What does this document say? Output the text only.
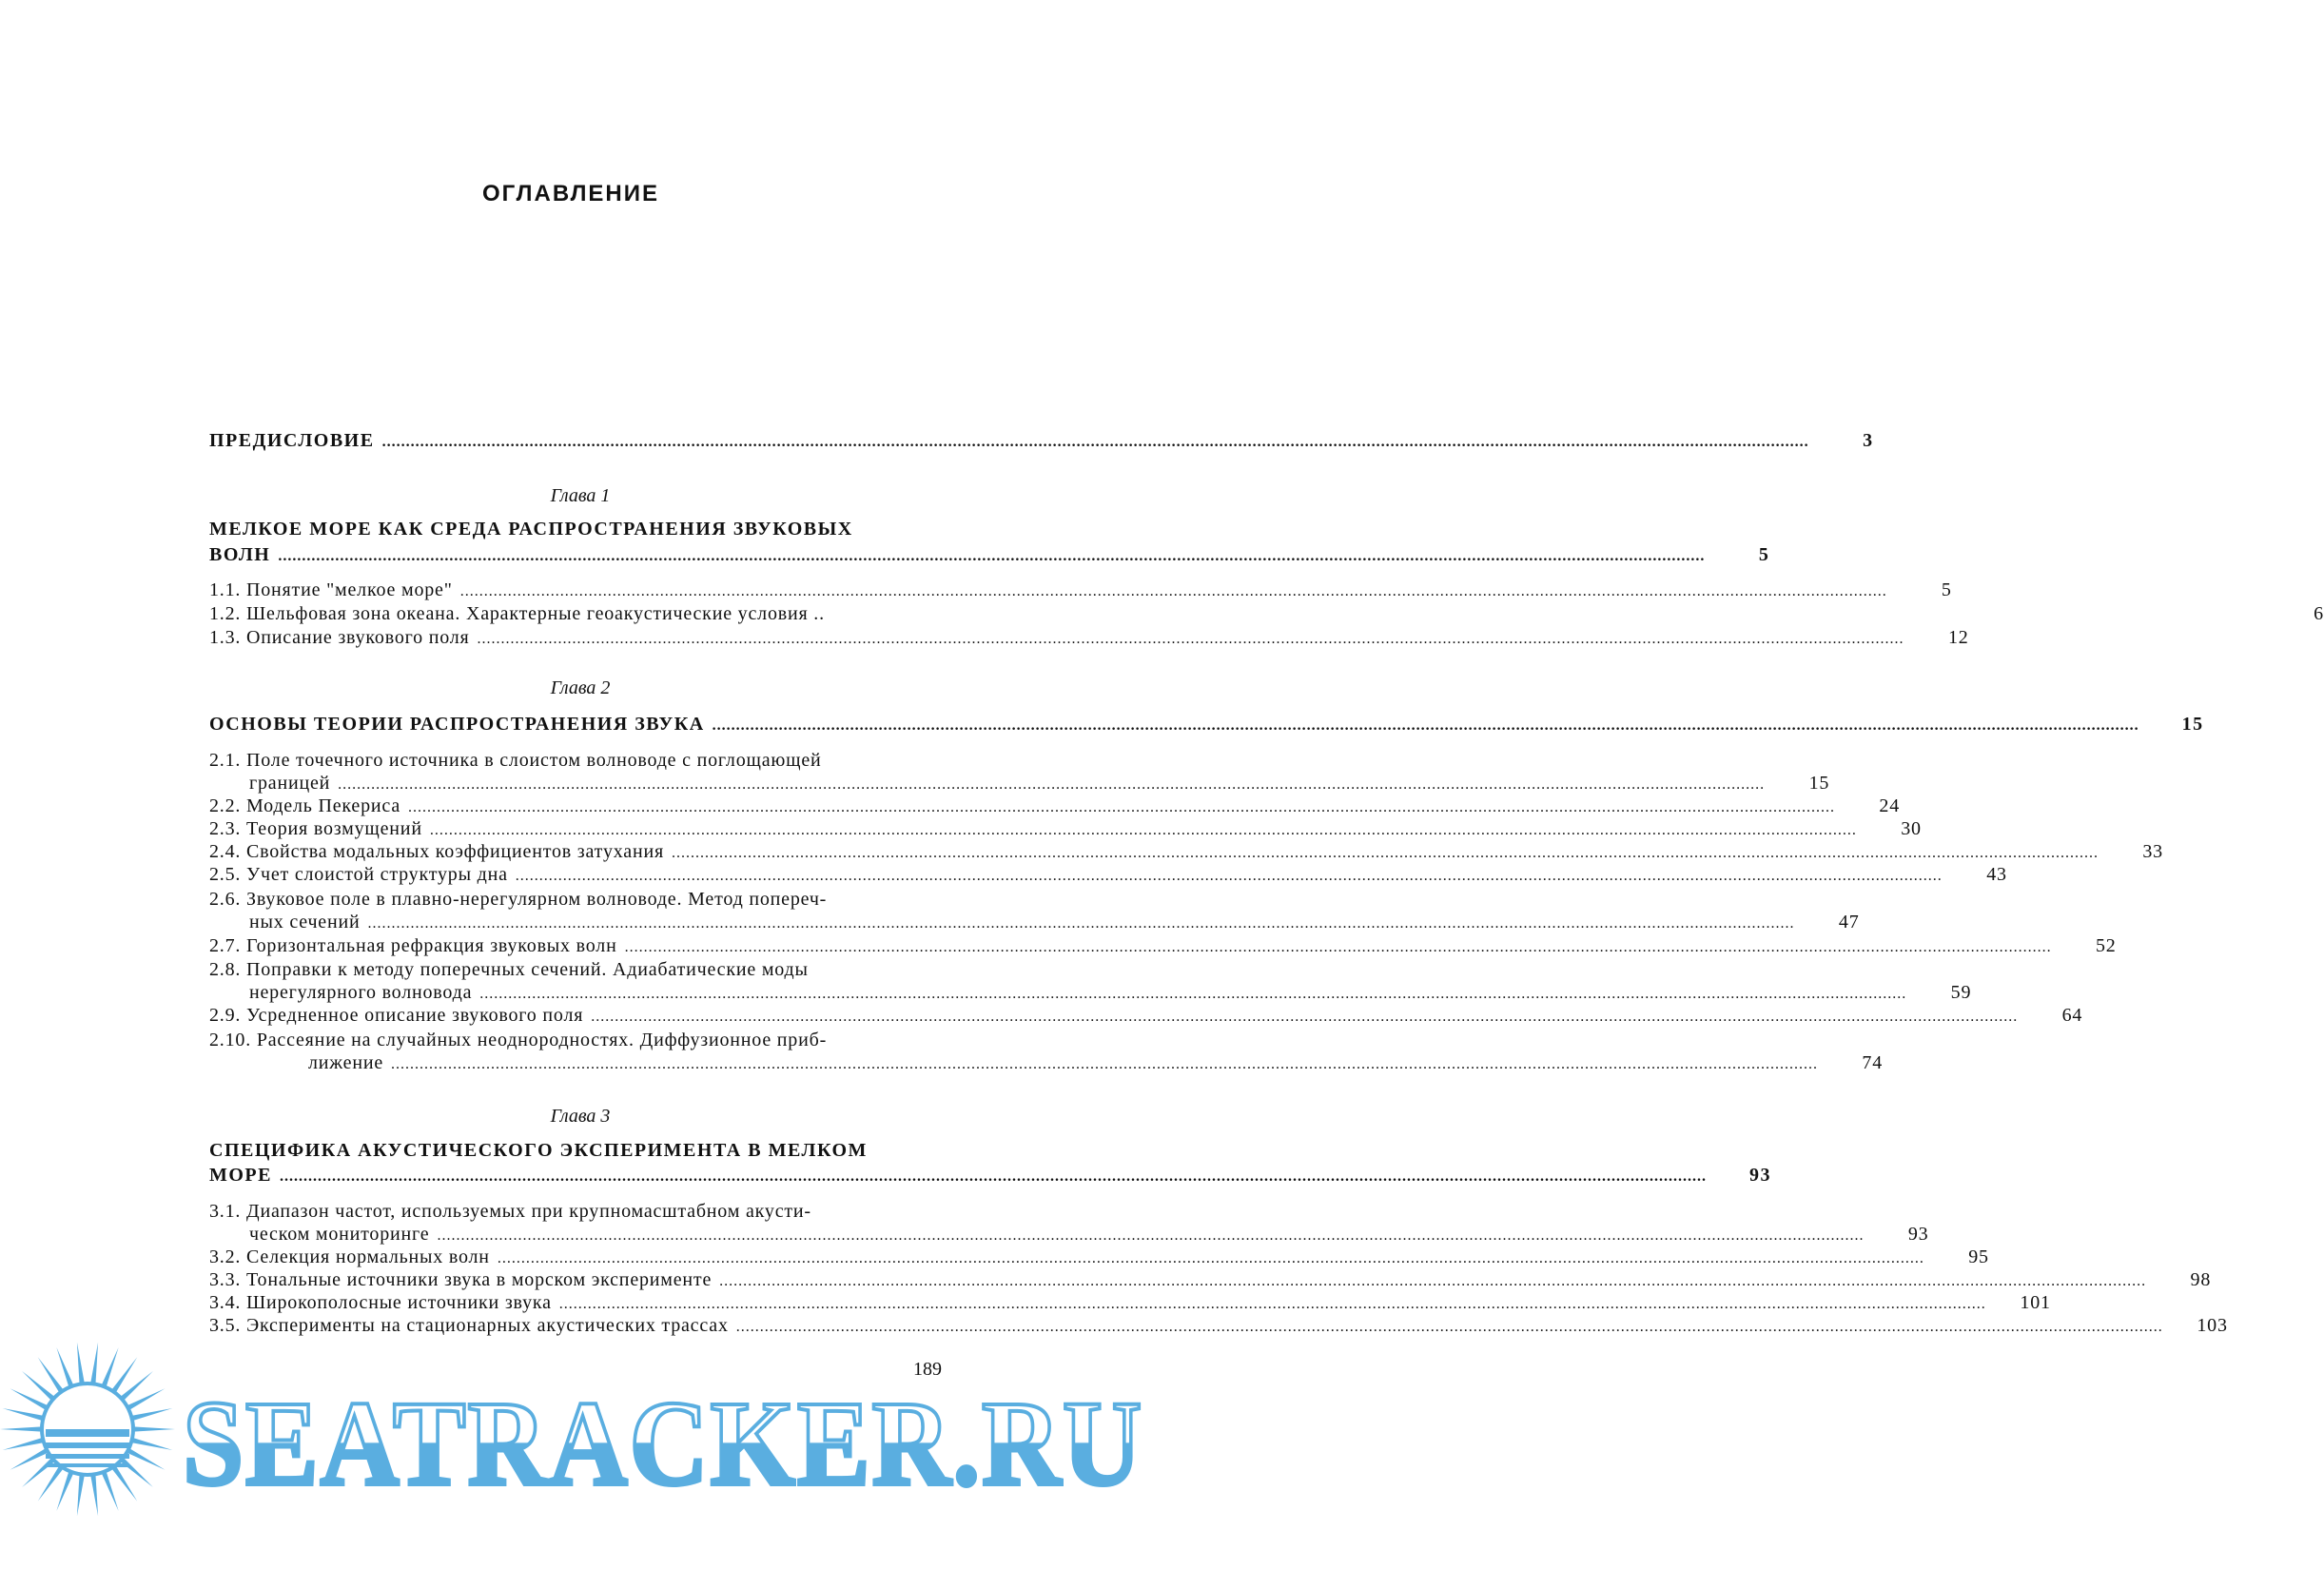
ОГЛАВЛЕНИЕ
ПРЕДИСЛОВИЕ ............................................................................................................................................................................................................................................................................................................	3
Глава 1
МЕЛКОЕ МОРЕ КАК СРЕДА РАСПРОСТРАНЕНИЯ ЗВУКОВЫХ
ВОЛН ............................................................................................................................................................................................................................................................................................................	5
1.1. Понятие "мелкое море" ............................................................................................................................................................................................................................................................................................................	5
1.2. Шельфовая зона океана. Характерные геоакустические условия ..	6
1.3. Описание звукового поля ............................................................................................................................................................................................................................................................................................................	12
Глава 2
ОСНОВЫ ТЕОРИИ РАСПРОСТРАНЕНИЯ ЗВУКА ............................................................................................................................................................................................................................................................................................................	15
2.1. Поле точечного источника в слоистом волноводе с поглощающей
границей ............................................................................................................................................................................................................................................................................................................	15
2.2. Модель Пекериса ............................................................................................................................................................................................................................................................................................................	24
2.3. Теория возмущений ............................................................................................................................................................................................................................................................................................................	30
2.4. Свойства модальных коэффициентов затухания ............................................................................................................................................................................................................................................................................................................	33
2.5. Учет слоистой структуры дна ............................................................................................................................................................................................................................................................................................................	43
2.6. Звуковое поле в плавно-нерегулярном волноводе. Метод попереч-
ных сечений ............................................................................................................................................................................................................................................................................................................	47
2.7. Горизонтальная рефракция звуковых волн ............................................................................................................................................................................................................................................................................................................	52
2.8. Поправки к методу поперечных сечений. Адиабатические моды
нерегулярного волновода ............................................................................................................................................................................................................................................................................................................	59
2.9. Усредненное описание звукового поля ............................................................................................................................................................................................................................................................................................................	64
2.10. Рассеяние на случайных неоднородностях. Диффузионное приб-
лижение ............................................................................................................................................................................................................................................................................................................	74
Глава 3
СПЕЦИФИКА АКУСТИЧЕСКОГО ЭКСПЕРИМЕНТА В МЕЛКОМ
МОРЕ ............................................................................................................................................................................................................................................................................................................	93
3.1. Диапазон частот, используемых при крупномасштабном акусти-
ческом мониторинге ............................................................................................................................................................................................................................................................................................................	93
3.2. Селекция нормальных волн ............................................................................................................................................................................................................................................................................................................	95
3.3. Тональные источники звука в морском эксперименте ............................................................................................................................................................................................................................................................................................................	98
3.4. Широкополосные источники звука ............................................................................................................................................................................................................................................................................................................	101
3.5. Эксперименты на стационарных акустических трассах ............................................................................................................................................................................................................................................................................................................	103
189
SEATRACKER.RU
